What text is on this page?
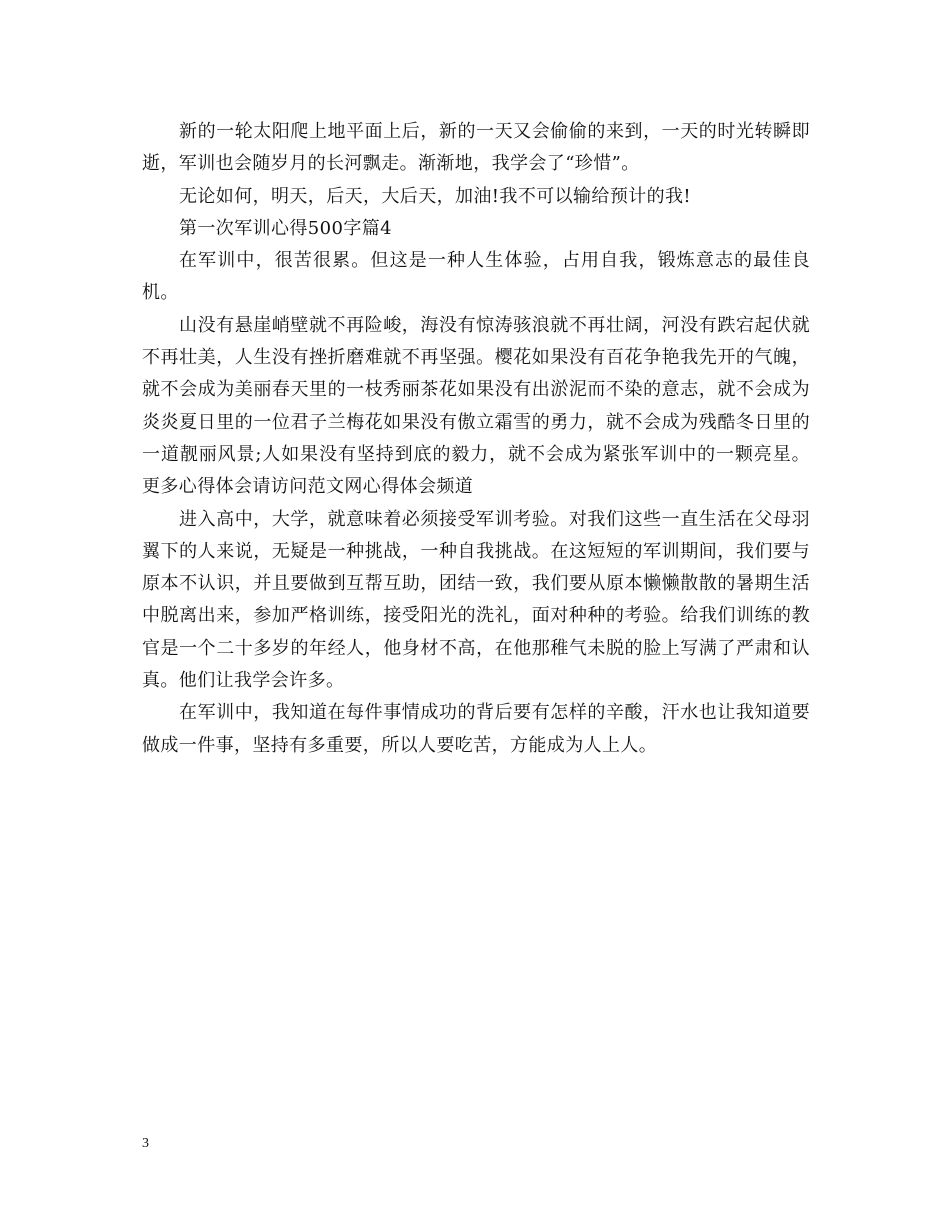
新的一轮太阳爬上地平面上后，新的一天又会偷偷的来到，一天的时光转瞬即逝，军训也会随岁月的长河飘走。渐渐地，我学会了“珍惜”。

无论如何，明天，后天，大后天，加油!我不可以输给预计的我!

第一次军训心得500字篇4

在军训中，很苦很累。但这是一种人生体验，占用自我，锻炼意志的最佳良机。

山没有悬崖峭壁就不再险峻，海没有惊涛骇浪就不再壮阔，河没有跌宕起伏就不再壮美，人生没有挫折磨难就不再坚强。樱花如果没有百花争艳我先开的气魄，就不会成为美丽春天里的一枝秀丽茶花如果没有出淤泥而不染的意志，就不会成为炎炎夏日里的一位君子兰梅花如果没有傲立霜雪的勇力，就不会成为残酷冬日里的一道靓丽风景;人如果没有坚持到底的毅力，就不会成为紧张军训中的一颗亮星。更多心得体会请访问范文网心得体会频道

进入高中，大学，就意味着必须接受军训考验。对我们这些一直生活在父母羽翼下的人来说，无疑是一种挑战，一种自我挑战。在这短短的军训期间，我们要与原本不认识，并且要做到互帮互助，团结一致，我们要从原本懒懒散散的暑期生活中脱离出来，参加严格训练，接受阳光的洗礼，面对种种的考验。给我们训练的教官是一个二十多岁的年经人，他身材不高，在他那稚气未脱的脸上写满了严肃和认真。他们让我学会许多。

在军训中，我知道在每件事情成功的背后要有怎样的辛酸，汗水也让我知道要做成一件事，坚持有多重要，所以人要吃苦，方能成为人上人。

3
